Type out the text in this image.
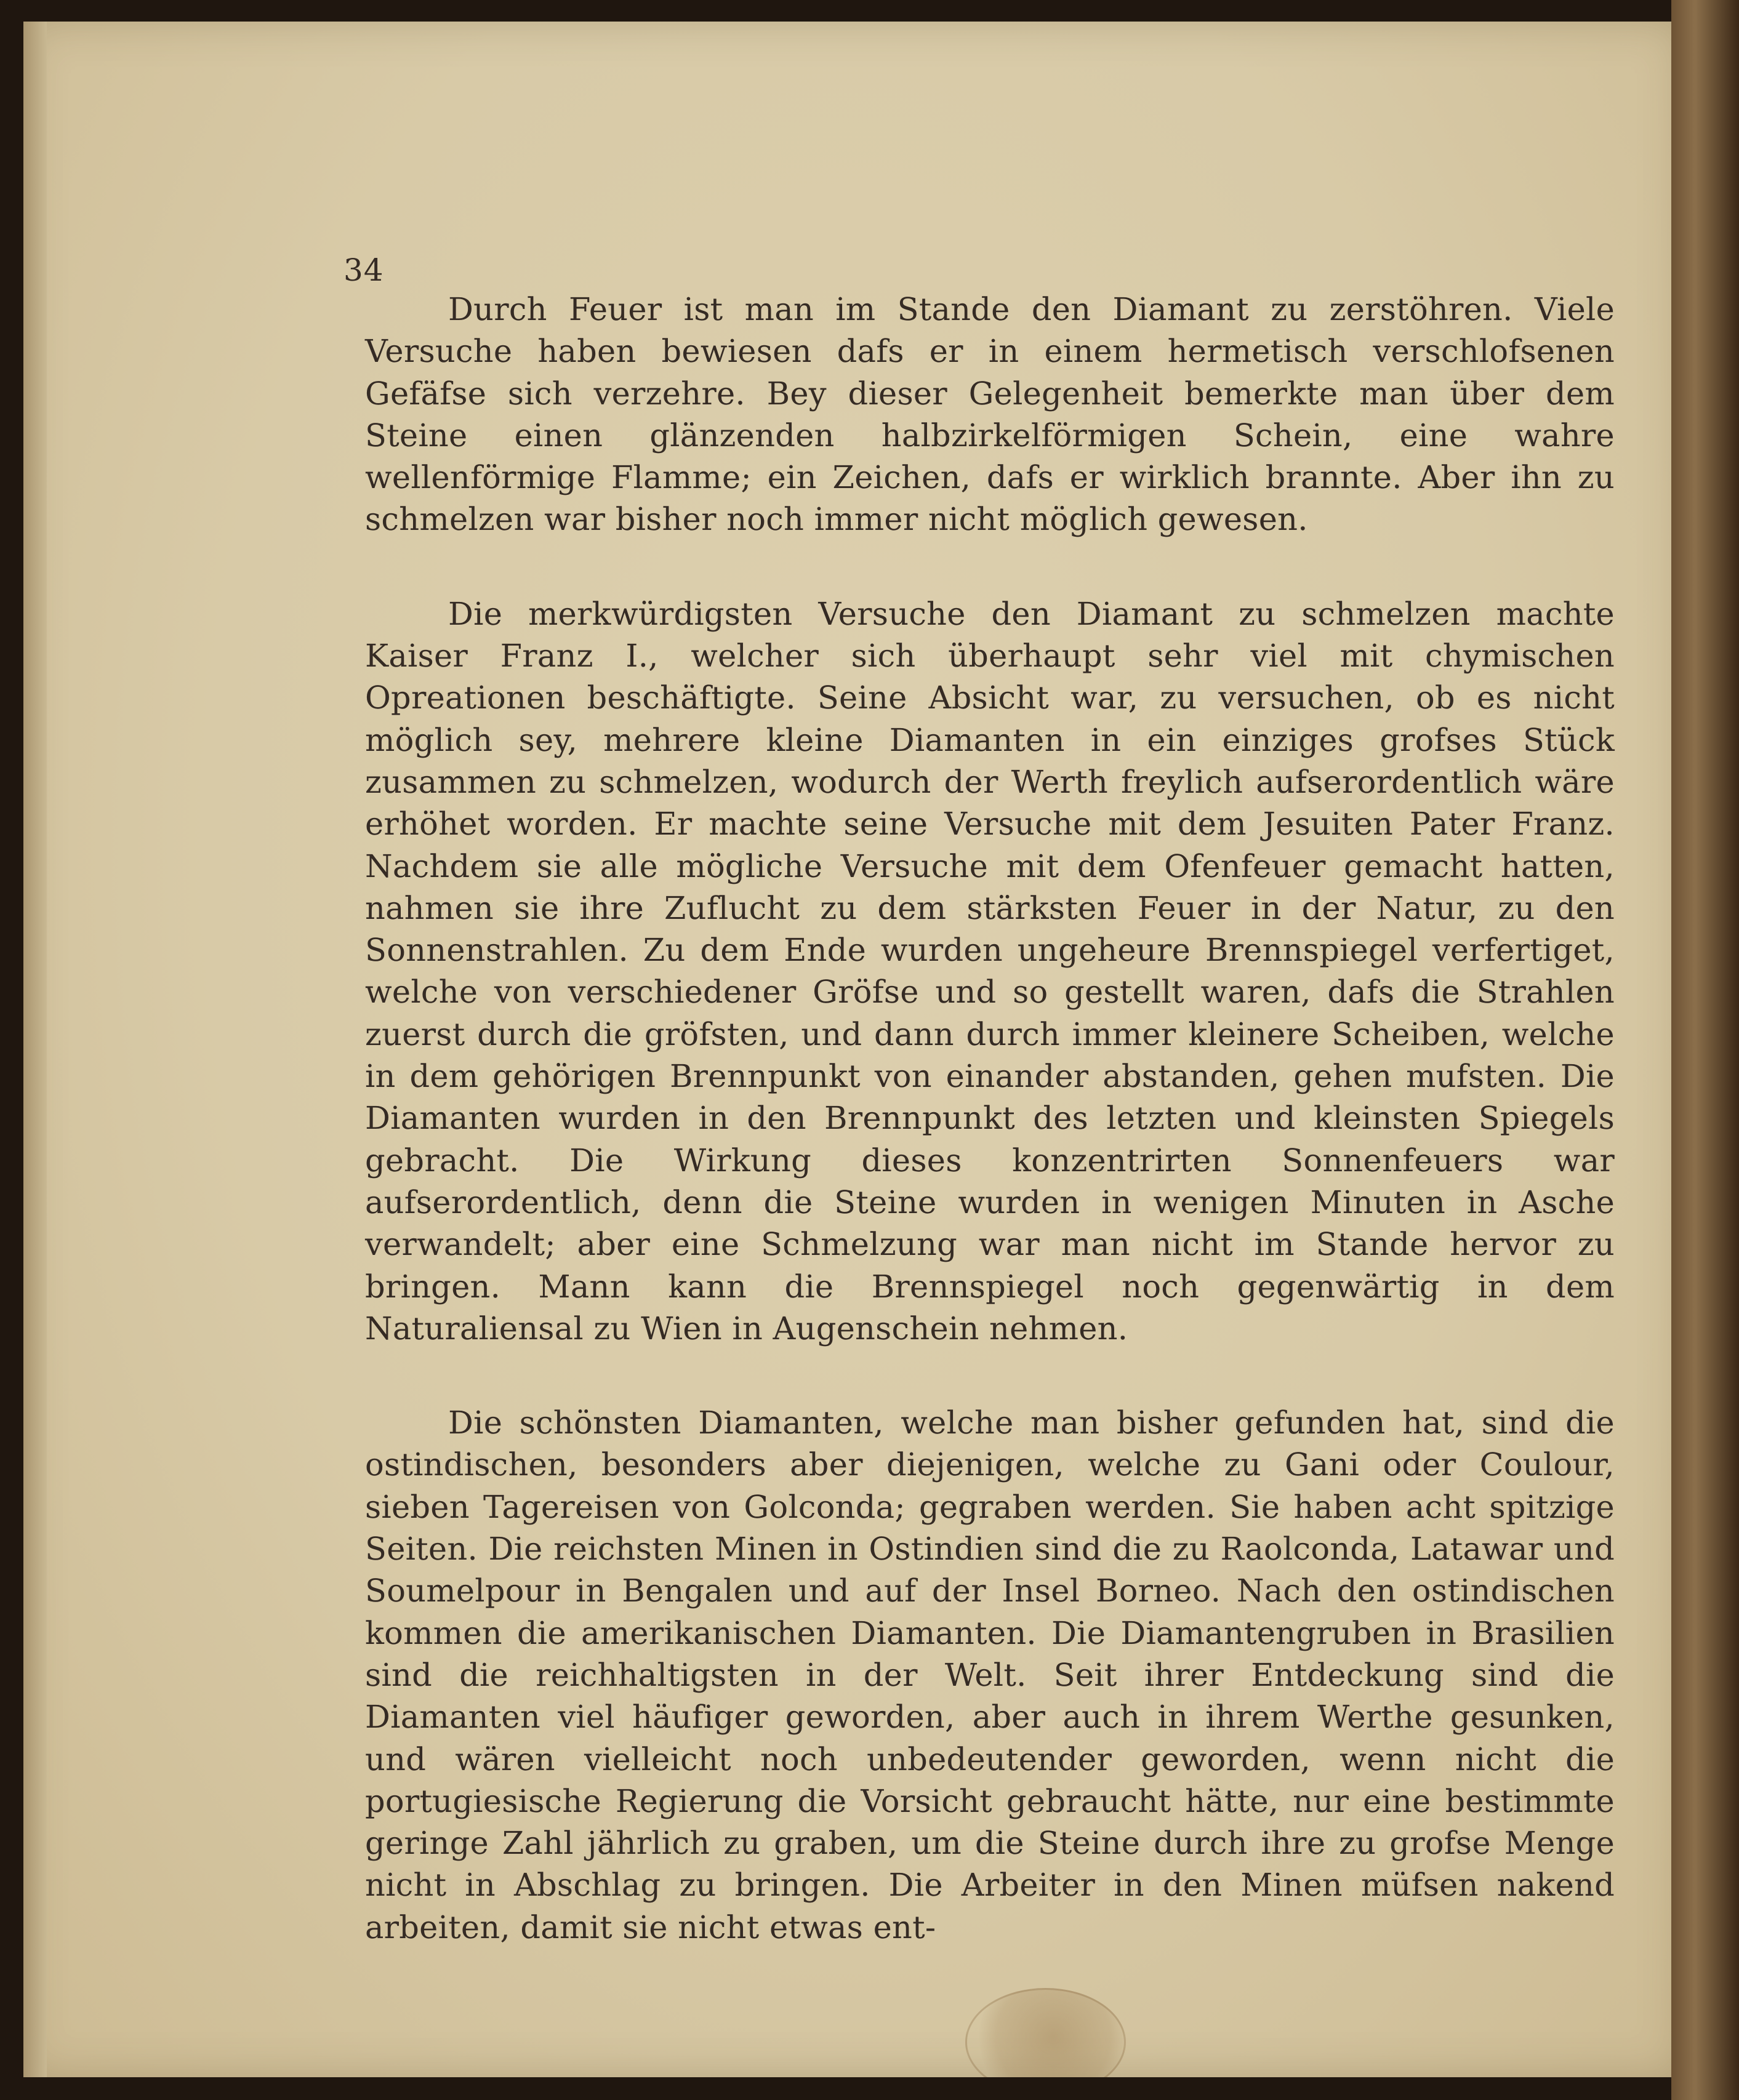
34

Durch Feuer ist man im Stande den Diamant zu zerstöhren. Viele Versuche haben bewiesen dafs er in einem hermetisch verschlofsenen Gefäfse sich verzehre. Bey dieser Gelegenheit bemerkte man über dem Steine einen glänzenden halbzirkelförmigen Schein, eine wahre wellenförmige Flamme; ein Zeichen, dafs er wirklich brannte. Aber ihn zu schmelzen war bisher noch immer nicht möglich gewesen.

Die merkwürdigsten Versuche den Diamant zu schmelzen machte Kaiser Franz I., welcher sich überhaupt sehr viel mit chymischen Opreationen beschäftigte. Seine Absicht war, zu versuchen, ob es nicht möglich sey, mehrere kleine Diamanten in ein einziges grofses Stück zusammen zu schmelzen, wodurch der Werth freylich aufserordentlich wäre erhöhet worden. Er machte seine Versuche mit dem Jesuiten Pater Franz. Nachdem sie alle mögliche Versuche mit dem Ofenfeuer gemacht hatten, nahmen sie ihre Zuflucht zu dem stärksten Feuer in der Natur, zu den Sonnenstrahlen. Zu dem Ende wurden ungeheure Brennspiegel verfertiget, welche von verschiedener Gröfse und so gestellt waren, dafs die Strahlen zuerst durch die gröfsten, und dann durch immer kleinere Scheiben, welche in dem gehörigen Brennpunkt von einander abstanden, gehen mufsten. Die Diamanten wurden in den Brennpunkt des letzten und kleinsten Spiegels gebracht. Die Wirkung dieses konzentrirten Sonnenfeuers war aufserordentlich, denn die Steine wurden in wenigen Minuten in Asche verwandelt; aber eine Schmelzung war man nicht im Stande hervor zu bringen. Mann kann die Brennspiegel noch gegenwärtig in dem Naturaliensal zu Wien in Augenschein nehmen.

Die schönsten Diamanten, welche man bisher gefunden hat, sind die ostindischen, besonders aber diejenigen, welche zu Gani oder Coulour, sieben Tagereisen von Golconda; gegraben werden. Sie haben acht spitzige Seiten. Die reichsten Minen in Ostindien sind die zu Raolconda, Latawar und Soumelpour in Bengalen und auf der Insel Borneo. Nach den ostindischen kommen die amerikanischen Diamanten. Die Diamantengruben in Brasilien sind die reichhaltigsten in der Welt. Seit ihrer Entdeckung sind die Diamanten viel häufiger geworden, aber auch in ihrem Werthe gesunken, und wären vielleicht noch unbedeutender geworden, wenn nicht die portugiesische Regierung die Vorsicht gebraucht hätte, nur eine bestimmte geringe Zahl jährlich zu graben, um die Steine durch ihre zu grofse Menge nicht in Abschlag zu bringen. Die Arbeiter in den Minen müfsen nakend arbeiten, damit sie nicht etwas ent-
